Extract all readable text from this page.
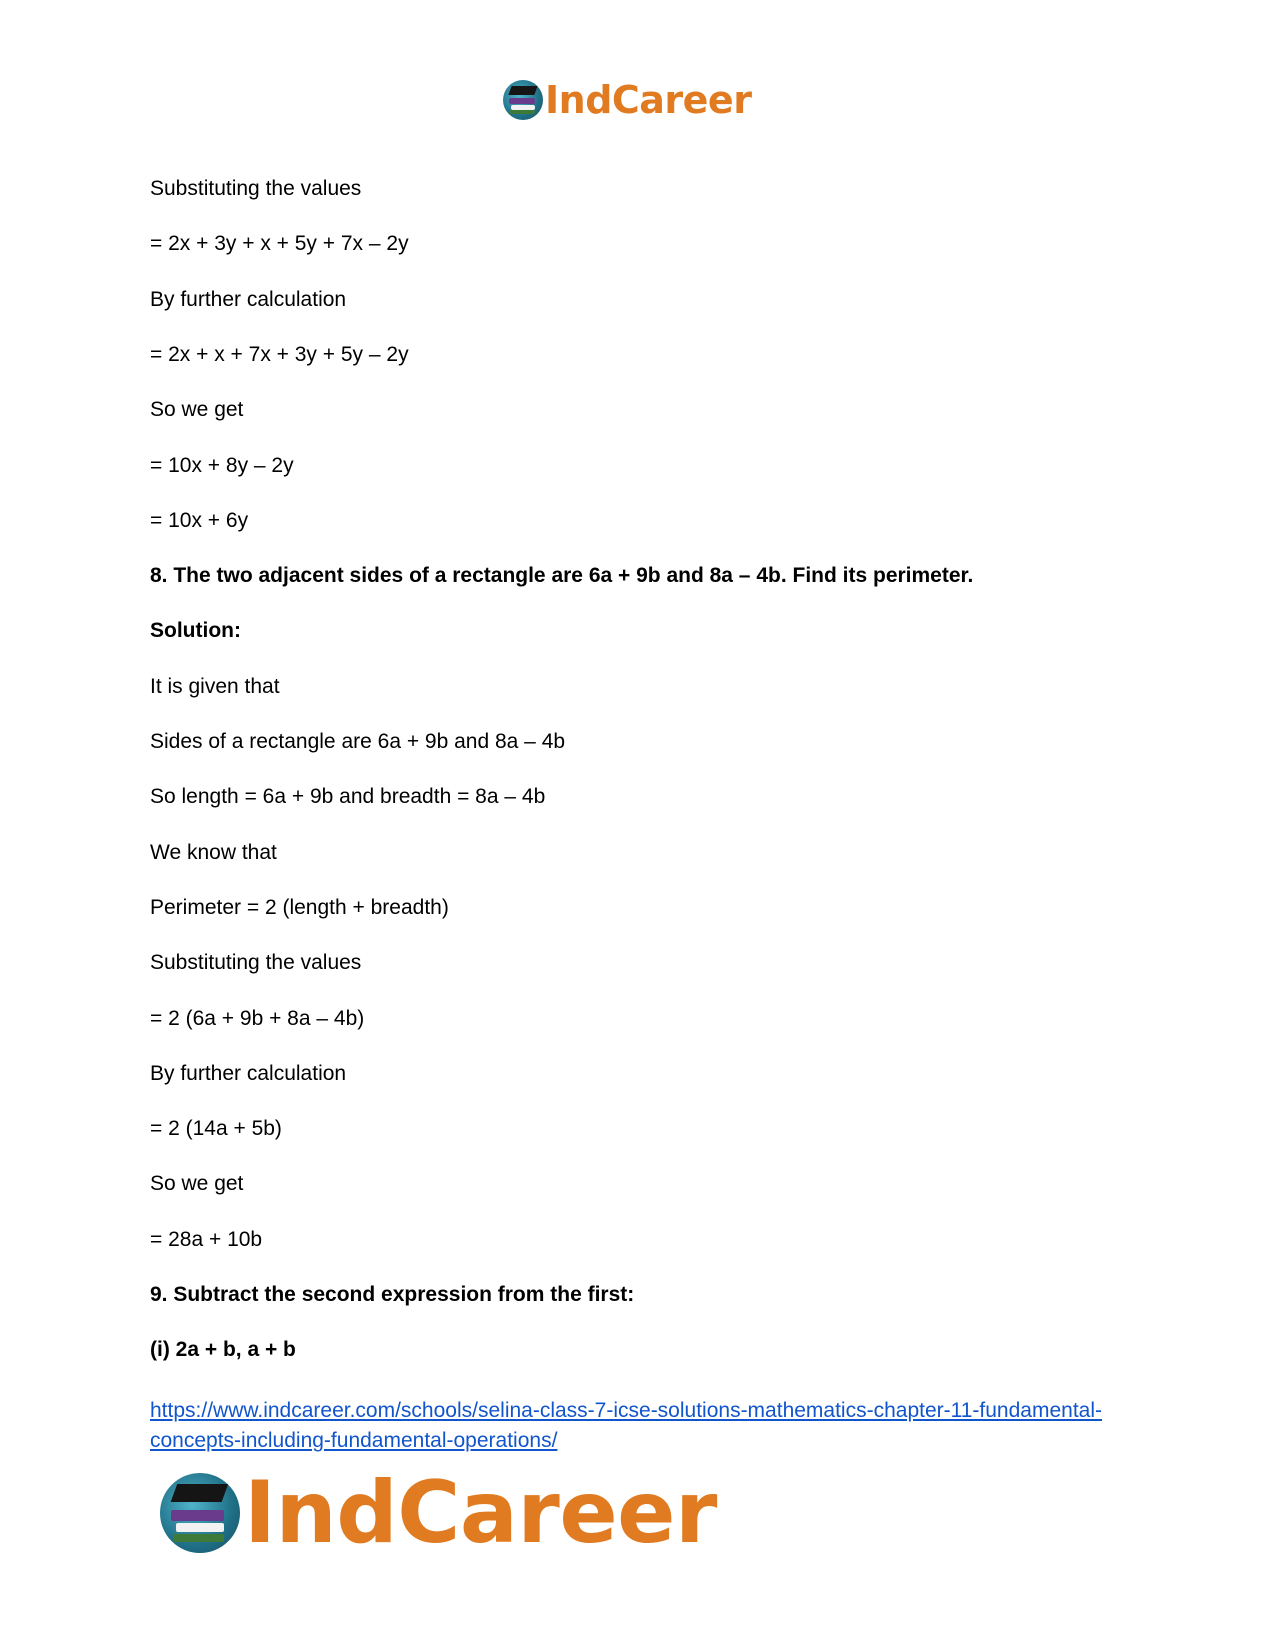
IndCareer
Substituting the values
= 2x + 3y + x + 5y + 7x – 2y
By further calculation
= 2x + x + 7x + 3y + 5y – 2y
So we get
= 10x + 8y – 2y
= 10x + 6y
8. The two adjacent sides of a rectangle are 6a + 9b and 8a – 4b. Find its perimeter.
Solution:
It is given that
Sides of a rectangle are 6a + 9b and 8a – 4b
So length = 6a + 9b and breadth = 8a – 4b
We know that
Perimeter = 2 (length + breadth)
Substituting the values
= 2 (6a + 9b + 8a – 4b)
By further calculation
= 2 (14a + 5b)
So we get
= 28a + 10b
9. Subtract the second expression from the first:
(i) 2a + b, a + b
https://www.indcareer.com/schools/selina-class-7-icse-solutions-mathematics-chapter-11-fundamental-concepts-including-fundamental-operations/
IndCareer
